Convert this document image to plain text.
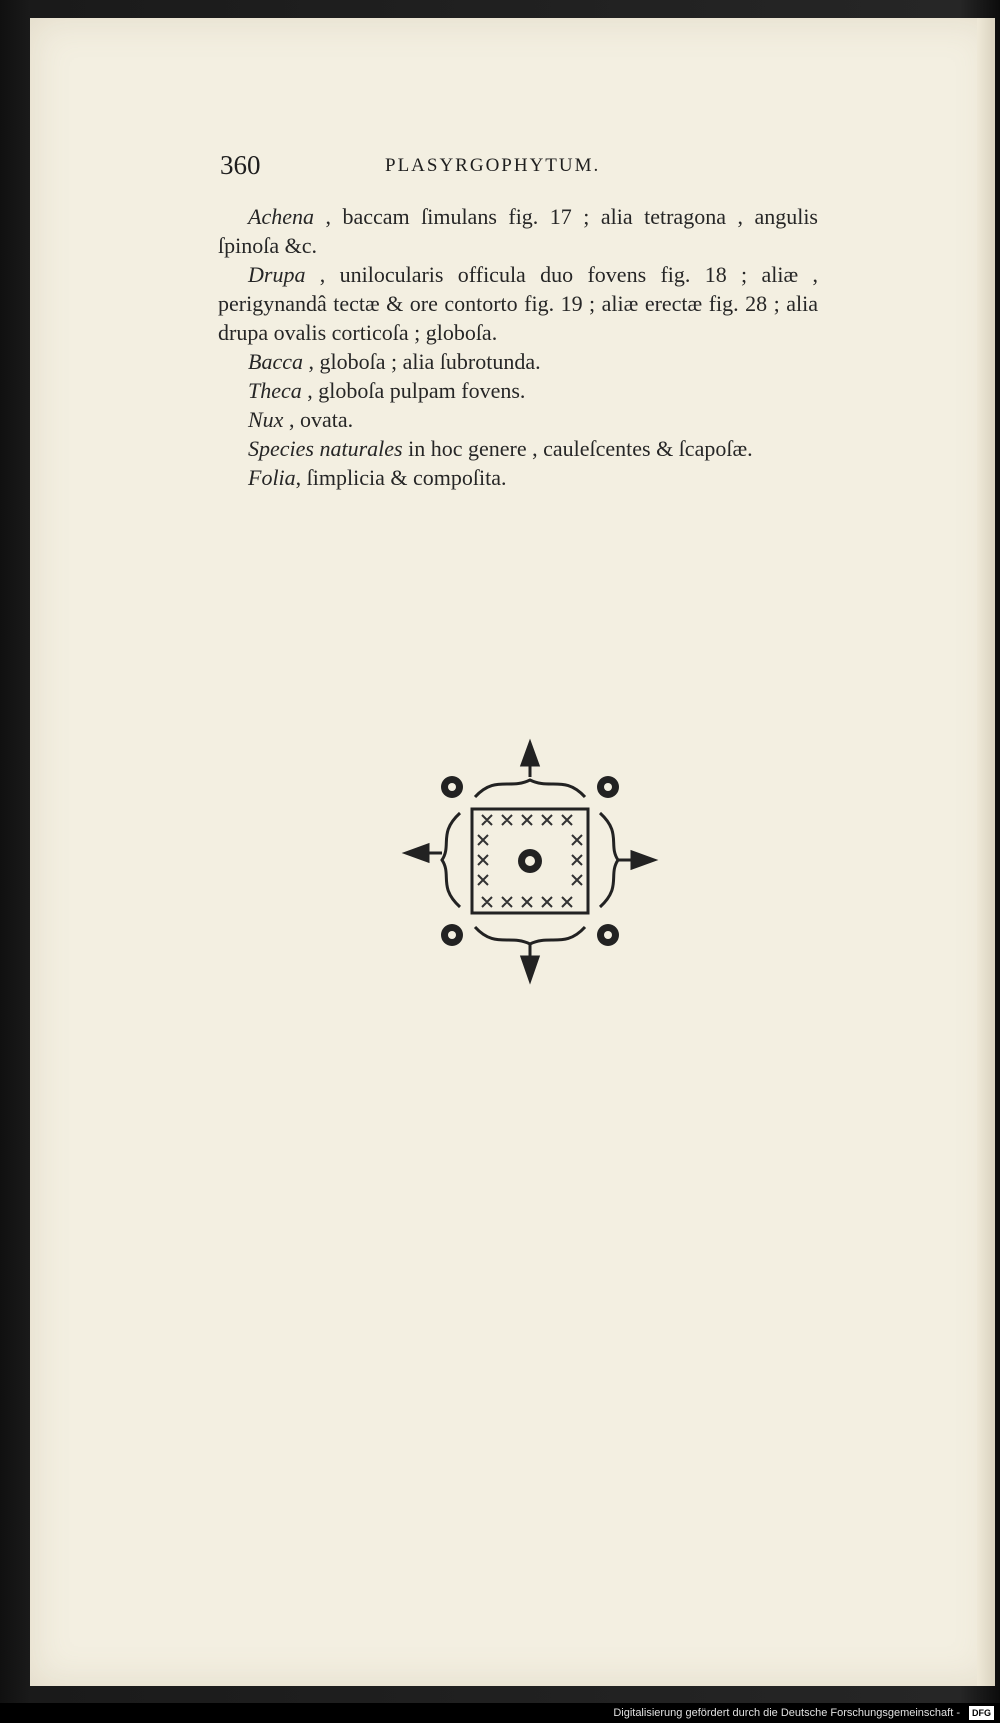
360	PLASYRGOPHYTUM.

Achena , baccam ſimulans fig. 17 ; alia tetragona , angulis ſpinoſa &c.

Drupa , unilocularis officula duo fovens fig. 18 ; aliæ , perigynandâ tectæ & ore contorto fig. 19 ; aliæ erectæ fig. 28 ; alia drupa ovalis corticoſa ; globoſa.

Bacca , globoſa ; alia ſubrotunda.

Theca , globoſa pulpam fovens.

Nux , ovata.

Species naturales in hoc genere , cauleſcentes & ſcapoſæ.

Folia, ſimplicia & compoſita.

Digitalisierung gefördert durch die Deutsche Forschungsgemeinschaft -	DFG
